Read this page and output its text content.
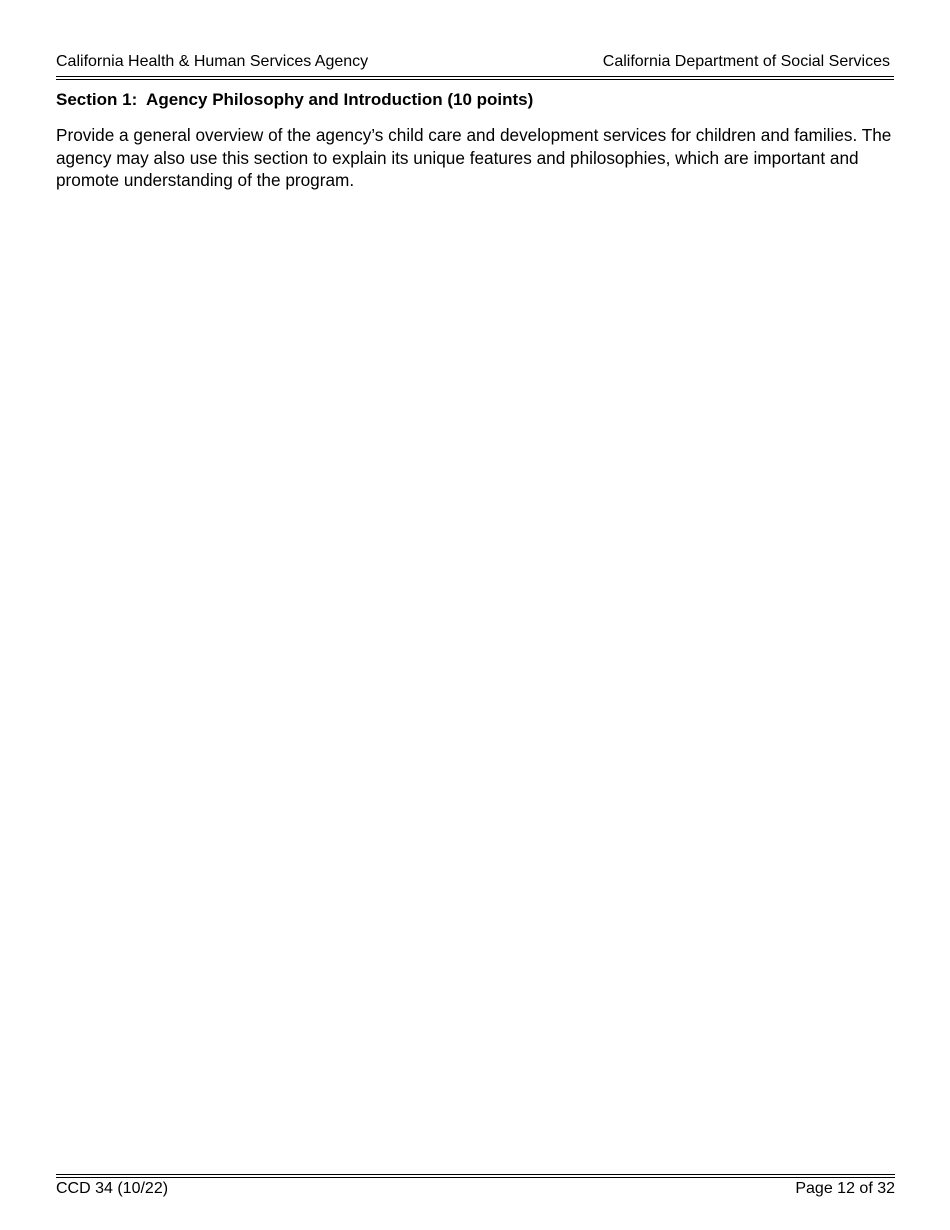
California Health & Human Services Agency	California Department of Social Services
Section 1:  Agency Philosophy and Introduction (10 points)
Provide a general overview of the agency’s child care and development services for children and families. The agency may also use this section to explain its unique features and philosophies, which are important and promote understanding of the program.
CCD 34 (10/22)	Page 12 of 32
